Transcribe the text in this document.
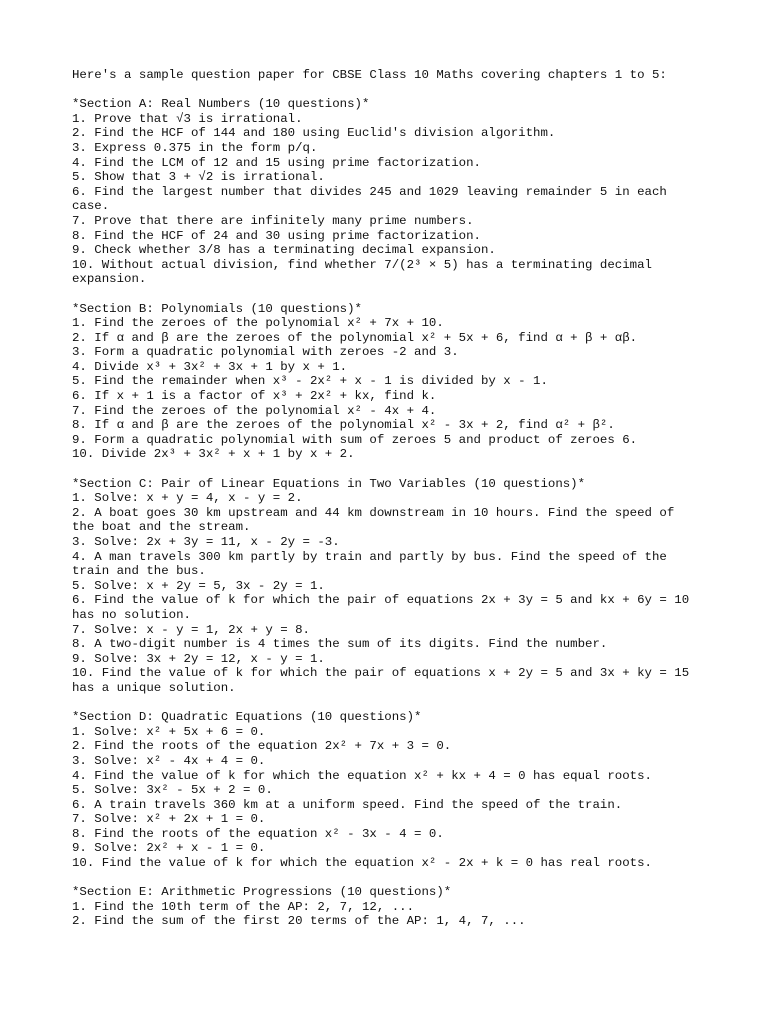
Here's a sample question paper for CBSE Class 10 Maths covering chapters 1 to 5:

*Section A: Real Numbers (10 questions)*

1. Prove that √3 is irrational.

2. Find the HCF of 144 and 180 using Euclid's division algorithm.

3. Express 0.375 in the form p/q.

4. Find the LCM of 12 and 15 using prime factorization.

5. Show that 3 + √2 is irrational.

6. Find the largest number that divides 245 and 1029 leaving remainder 5 in each

case.

7. Prove that there are infinitely many prime numbers.

8. Find the HCF of 24 and 30 using prime factorization.

9. Check whether 3/8 has a terminating decimal expansion.

10. Without actual division, find whether 7/(2³ × 5) has a terminating decimal

expansion.

*Section B: Polynomials (10 questions)*

1. Find the zeroes of the polynomial x² + 7x + 10.

2. If α and β are the zeroes of the polynomial x² + 5x + 6, find α + β + αβ.

3. Form a quadratic polynomial with zeroes -2 and 3.

4. Divide x³ + 3x² + 3x + 1 by x + 1.

5. Find the remainder when x³ - 2x² + x - 1 is divided by x - 1.

6. If x + 1 is a factor of x³ + 2x² + kx, find k.

7. Find the zeroes of the polynomial x² - 4x + 4.

8. If α and β are the zeroes of the polynomial x² - 3x + 2, find α² + β².

9. Form a quadratic polynomial with sum of zeroes 5 and product of zeroes 6.

10. Divide 2x³ + 3x² + x + 1 by x + 2.

*Section C: Pair of Linear Equations in Two Variables (10 questions)*

1. Solve: x + y = 4, x - y = 2.

2. A boat goes 30 km upstream and 44 km downstream in 10 hours. Find the speed of

the boat and the stream.

3. Solve: 2x + 3y = 11, x - 2y = -3.

4. A man travels 300 km partly by train and partly by bus. Find the speed of the

train and the bus.

5. Solve: x + 2y = 5, 3x - 2y = 1.

6. Find the value of k for which the pair of equations 2x + 3y = 5 and kx + 6y = 10

has no solution.

7. Solve: x - y = 1, 2x + y = 8.

8. A two-digit number is 4 times the sum of its digits. Find the number.

9. Solve: 3x + 2y = 12, x - y = 1.

10. Find the value of k for which the pair of equations x + 2y = 5 and 3x + ky = 15

has a unique solution.

*Section D: Quadratic Equations (10 questions)*

1. Solve: x² + 5x + 6 = 0.

2. Find the roots of the equation 2x² + 7x + 3 = 0.

3. Solve: x² - 4x + 4 = 0.

4. Find the value of k for which the equation x² + kx + 4 = 0 has equal roots.

5. Solve: 3x² - 5x + 2 = 0.

6. A train travels 360 km at a uniform speed. Find the speed of the train.

7. Solve: x² + 2x + 1 = 0.

8. Find the roots of the equation x² - 3x - 4 = 0.

9. Solve: 2x² + x - 1 = 0.

10. Find the value of k for which the equation x² - 2x + k = 0 has real roots.

*Section E: Arithmetic Progressions (10 questions)*

1. Find the 10th term of the AP: 2, 7, 12, ...

2. Find the sum of the first 20 terms of the AP: 1, 4, 7, ...
